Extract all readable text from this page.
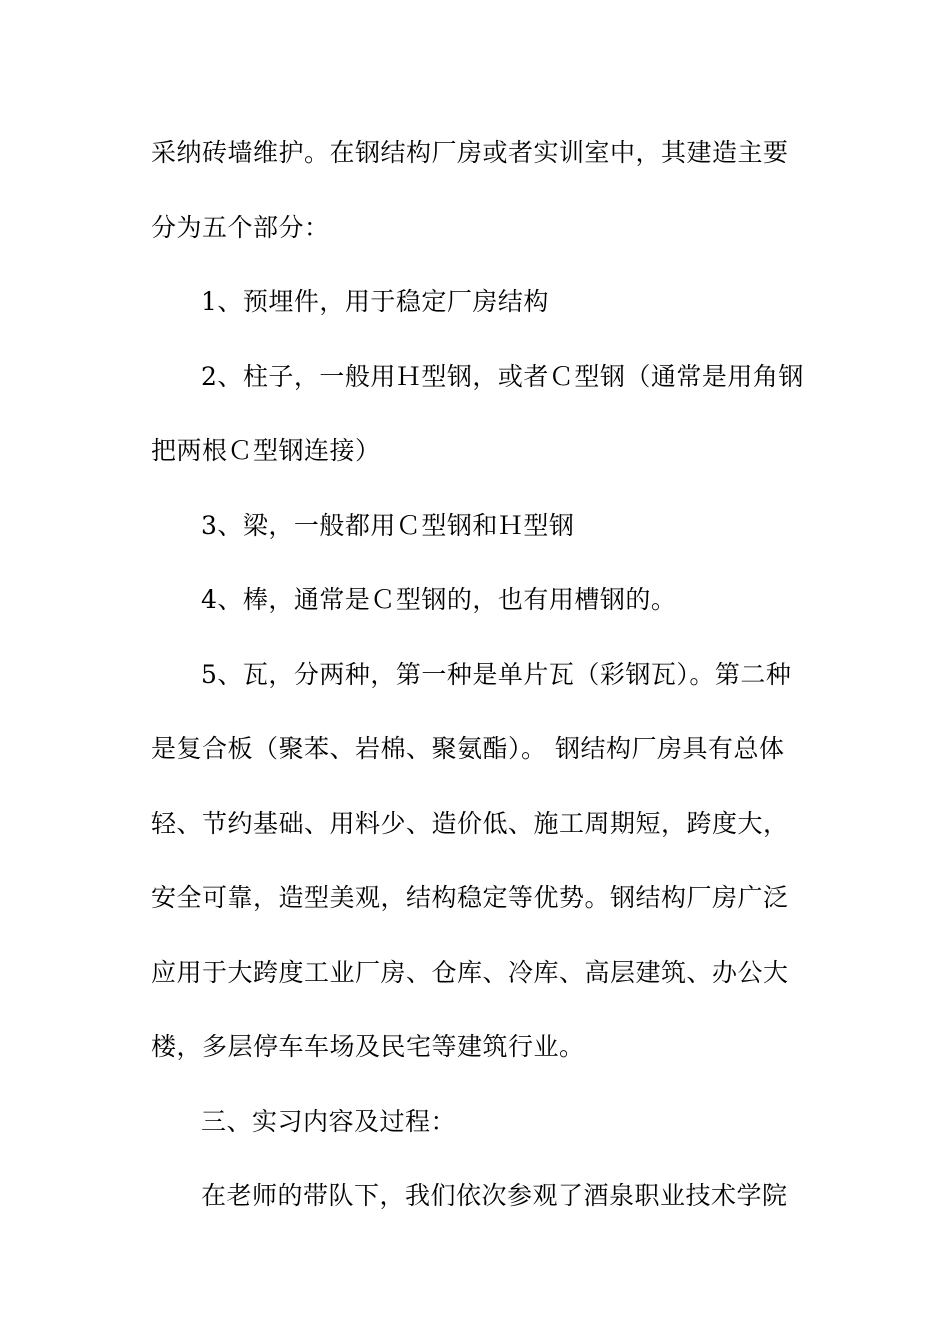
采纳砖墙维护。在钢结构厂房或者实训室中，其建造主要
分为五个部分：
1、预埋件，用于稳定厂房结构
2、柱子，一般用Ｈ型钢，或者Ｃ型钢（通常是用角钢
把两根Ｃ型钢连接）
3、梁，一般都用Ｃ型钢和Ｈ型钢
4、棒，通常是Ｃ型钢的，也有用槽钢的。
5、瓦，分两种，第一种是单片瓦（彩钢瓦）。第二种
是复合板（聚苯、岩棉、聚氨酯）。 钢结构厂房具有总体
轻、节约基础、用料少、造价低、施工周期短，跨度大，
安全可靠，造型美观，结构稳定等优势。钢结构厂房广泛
应用于大跨度工业厂房、仓库、冷库、高层建筑、办公大
楼，多层停车车场及民宅等建筑行业。
三、实习内容及过程：
在老师的带队下，我们依次参观了酒泉职业技术学院
